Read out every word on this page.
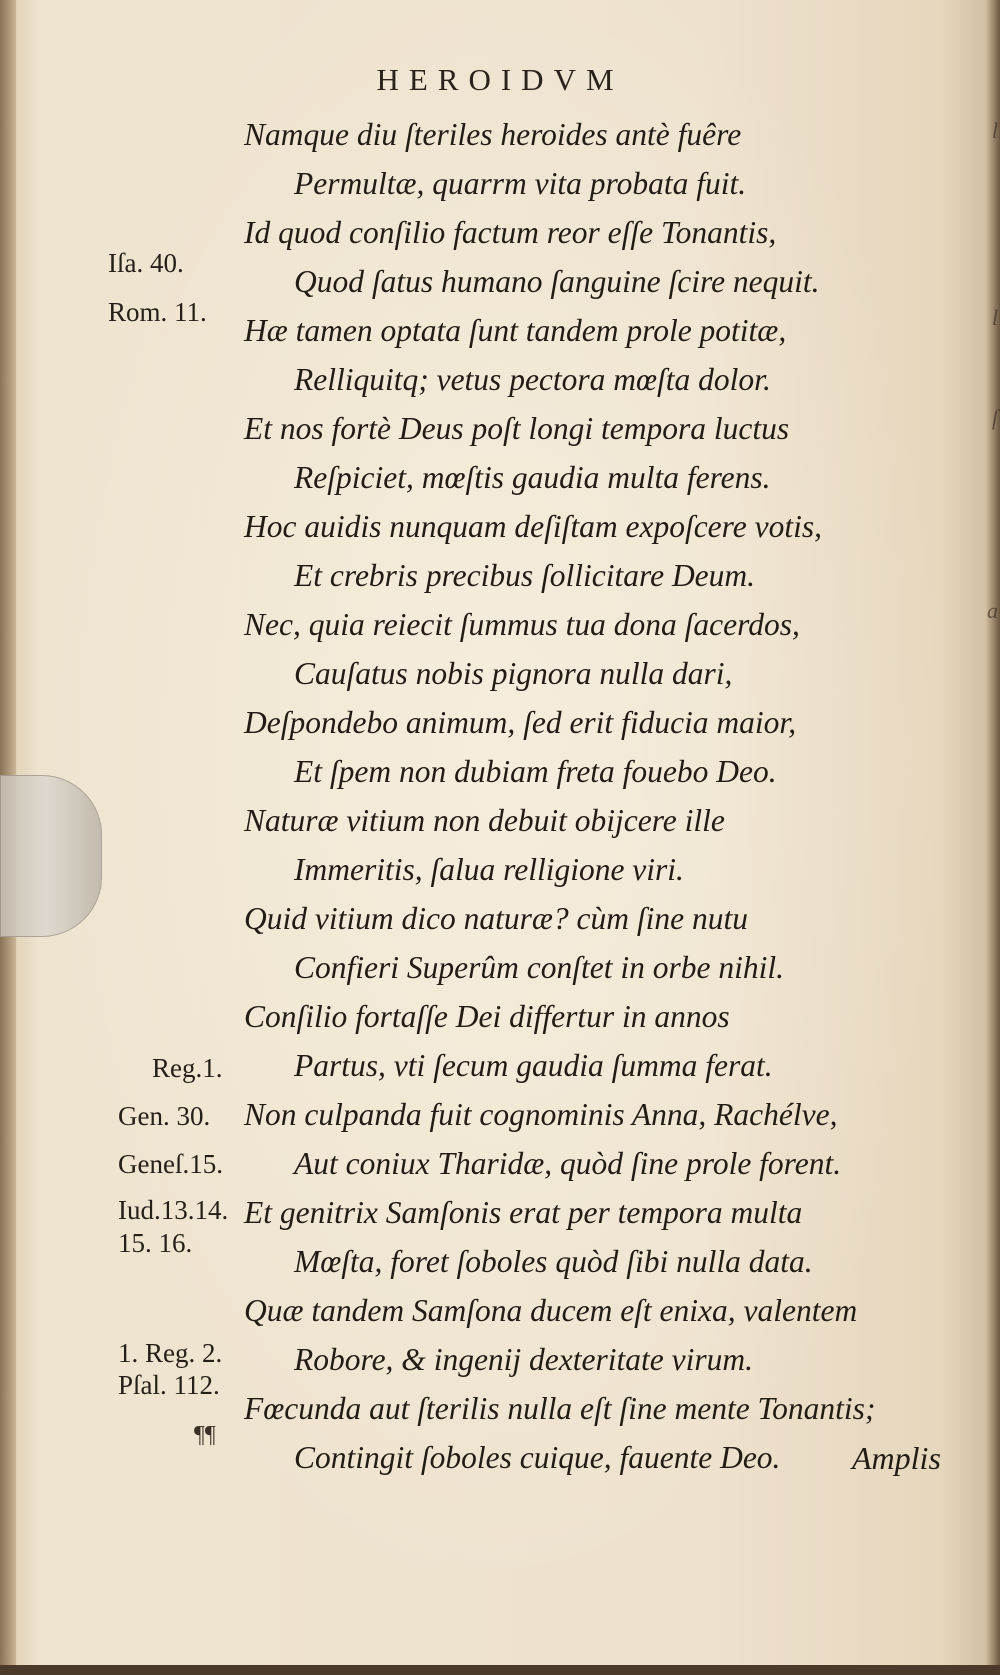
HEROIDVM
Iſa. 40.
Rom. 11.
Reg.1.
Gen. 30.
Geneſ.15.
Iud.13.14.
15. 16.
1. Reg. 2.
Pſal. 112.
¶¶
Namque diu ſteriles heroides antè fuêre
Permultæ, quarrm vita probata fuit.
Id quod conſilio factum reor eſſe Tonantis,
Quod ſatus humano ſanguine ſcire nequit.
Hæ tamen optata ſunt tandem prole potitæ,
Relliquitq; vetus pectora mœſta dolor.
Et nos fortè Deus poſt longi tempora luctus
Reſpiciet, mœſtis gaudia multa ferens.
Hoc auidis nunquam deſiſtam expoſcere votis,
Et crebris precibus ſollicitare Deum.
Nec, quia reiecit ſummus tua dona ſacerdos,
Cauſatus nobis pignora nulla dari,
Deſpondebo animum, ſed erit fiducia maior,
Et ſpem non dubiam freta fouebo Deo.
Naturæ vitium non debuit obijcere ille
Immeritis, ſalua relligione viri.
Quid vitium dico naturæ? cùm ſine nutu
Confieri Superûm conſtet in orbe nihil.
Conſilio fortaſſe Dei differtur in annos
Partus, vti ſecum gaudia ſumma ferat.
Non culpanda fuit cognominis Anna, Rachélve,
Aut coniux Tharidæ, quòd ſine prole forent.
Et genitrix Samſonis erat per tempora multa
Mœſta, foret ſoboles quòd ſibi nulla data.
Quæ tandem Samſona ducem eſt enixa, valentem
Robore, & ingenij dexteritate virum.
Fœcunda aut ſterilis nulla eſt ſine mente Tonantis;
Contingit ſoboles cuique, fauente Deo.	Amplis
l
l
ſ
a
